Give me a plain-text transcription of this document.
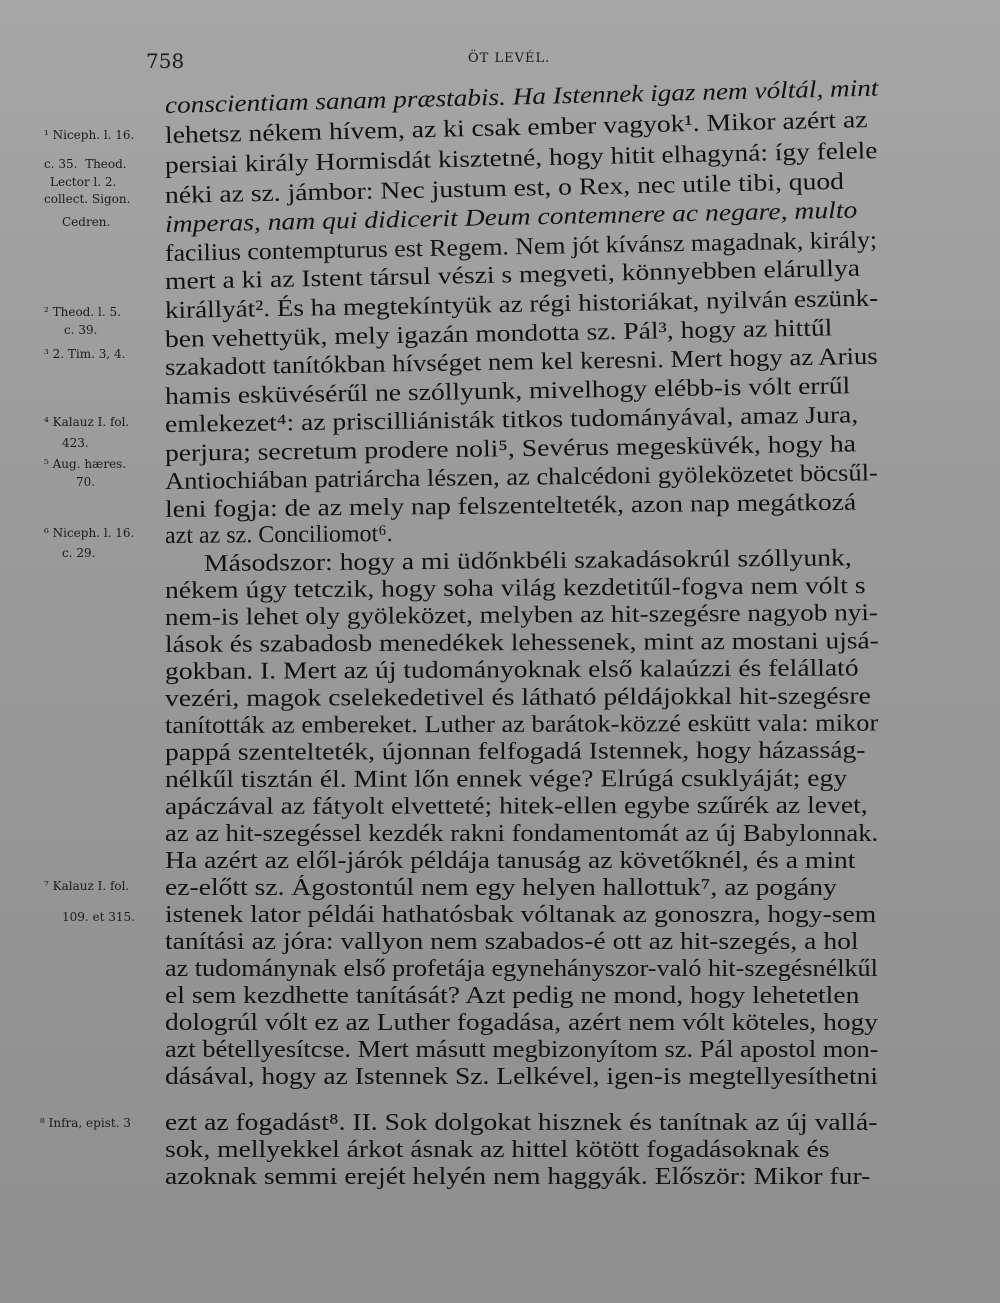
758	ÖT LEVÉL.
¹ Niceph. l. 16.
c. 35.  Theod.
Lector l. 2.
collect. Sigon.
Cedren.
² Theod. l. 5.
c. 39.
³ 2. Tim. 3, 4.
⁴ Kalauz I. fol.
423.
⁵ Aug. hæres.
70.
⁶ Niceph. l. 16.
c. 29.
⁷ Kalauz I. fol.
109. et 315.
⁸ Infra, epist. 3
conscientiam sanam præstabis. Ha Istennek igaz nem vóltál, mint
lehetsz nékem hívem, az ki csak ember vagyok¹. Mikor azért az
persiai király Hormisdát kisztetné, hogy hitit elhagyná: így felele
néki az sz. jámbor: Nec justum est, o Rex, nec utile tibi, quod
imperas, nam qui didicerit Deum contemnere ac negare, multo
facilius contempturus est Regem. Nem jót kívánsz magadnak, király;
mert a ki az Istent társul vészi s megveti, könnyebben elárullya
királlyát². És ha megtekíntyük az régi historiákat, nyilván eszünk-
ben vehettyük, mely igazán mondotta sz. Pál³, hogy az hittűl
szakadott tanítókban hívséget nem kel keresni. Mert hogy az Arius
hamis esküvésérűl ne szóllyunk, mivelhogy elébb-is vólt errűl
emlekezet⁴: az priscilliánisták titkos tudományával, amaz Jura,
perjura; secretum prodere noli⁵, Sevérus megesküvék, hogy ha
Antiochiában patriárcha lészen, az chalcédoni gyöleközetet böcsűl-
leni fogja: de az mely nap felszentelteték, azon nap megátkozá
azt az sz. Conciliomot⁶.
Másodszor: hogy a mi üdőnkbéli szakadásokrúl szóllyunk,
nékem úgy tetczik, hogy soha világ kezdetitűl-fogva nem vólt s
nem-is lehet oly gyöleközet, melyben az hit-szegésre nagyob nyi-
lások és szabadosb menedékek lehessenek, mint az mostani ujsá-
gokban. I. Mert az új tudományoknak első kalaúzzi és felállató
vezéri, magok cselekedetivel és látható példájokkal hit-szegésre
tanították az embereket. Luther az barátok-közzé eskütt vala: mikor
pappá szentelteték, újonnan felfogadá Istennek, hogy házasság-
nélkűl tisztán él. Mint lőn ennek vége? Elrúgá csuklyáját; egy
apáczával az fátyolt elvetteté; hitek-ellen egybe szűrék az levet,
az az hit-szegéssel kezdék rakni fondamentomát az új Babylonnak.
Ha azért az elől-járók példája tanuság az követőknél, és a mint
ez-előtt sz. Ágostontúl nem egy helyen hallottuk⁷, az pogány
istenek lator példái hathatósbak vóltanak az gonoszra, hogy-sem
tanítási az jóra: vallyon nem szabados-é ott az hit-szegés, a hol
az tudománynak első profetája egynehányszor-való hit-szegésnélkűl
el sem kezdhette tanítását? Azt pedig ne mond, hogy lehetetlen
dologrúl vólt ez az Luther fogadása, azért nem vólt köteles, hogy
azt bétellyesítcse. Mert másutt megbizonyítom sz. Pál apostol mon-
dásával, hogy az Istennek Sz. Lelkével, igen-is megtellyesíthetni
ezt az fogadást⁸. II. Sok dolgokat hisznek és tanítnak az új vallá-
sok, mellyekkel árkot ásnak az hittel kötött fogadásoknak és
azoknak semmi erejét helyén nem haggyák. Először: Mikor fur-
